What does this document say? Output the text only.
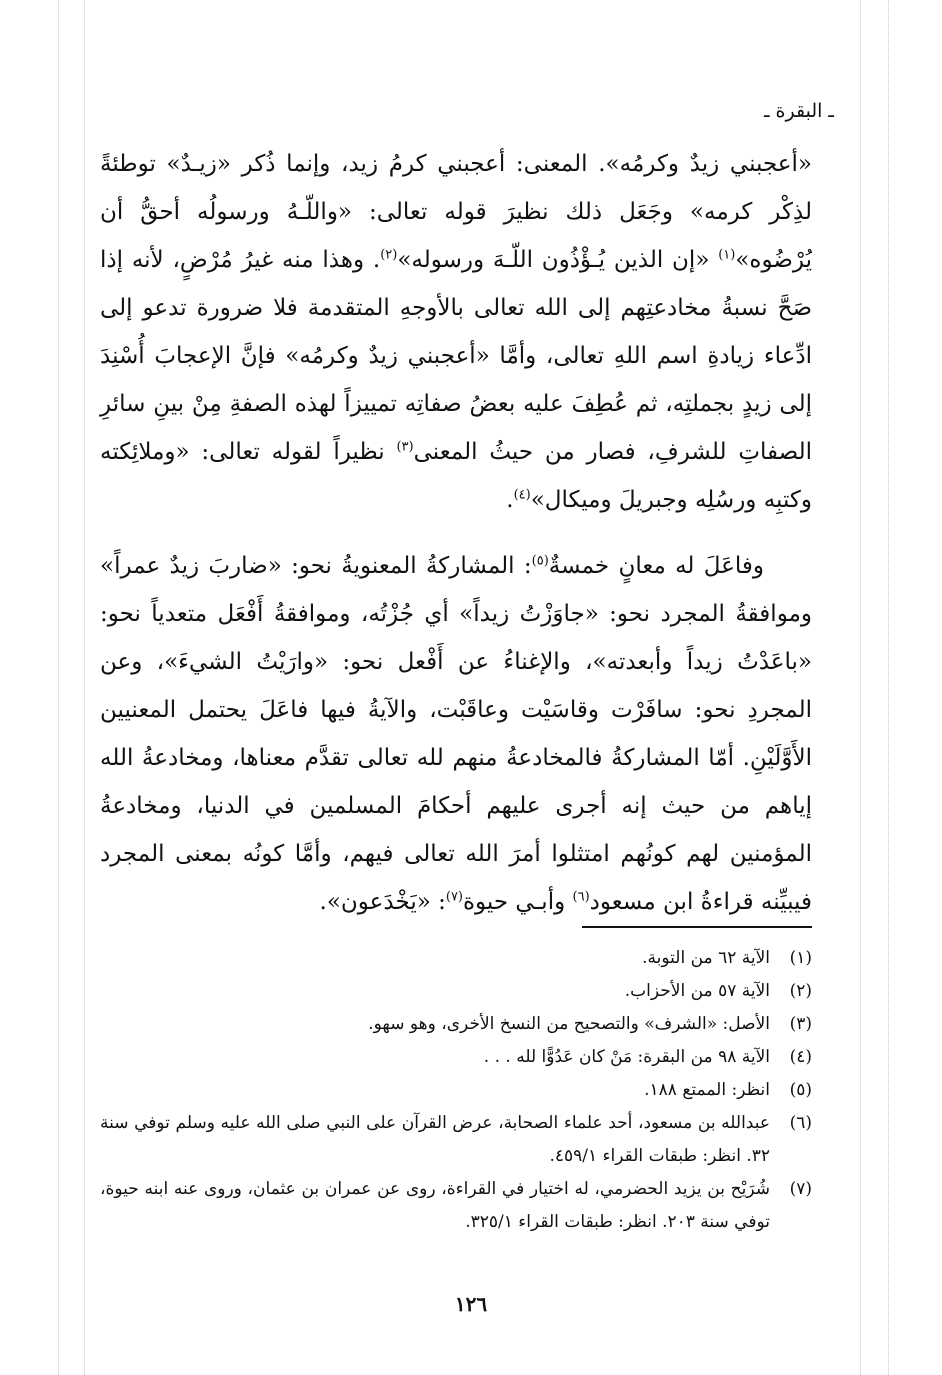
ـ البقرة ـ

«أعجبني زيدٌ وكرمُه». المعنى: أعجبني كرمُ زيد، وإنما ذُكر «زيـدٌ» توطئةً لذِكْر كرمه» وجَعَل ذلك نظيرَ قوله تعالى: «واللّـهُ ورسولُه أحقُّ أن يُرْضُوه»$^{(١)}$ «إن الذين يُـؤْذُون اللّـهَ ورسوله»$^{(٢)}$. وهذا منه غيرُ مُرْضٍ، لأنه إذا صَحَّ نسبةُ مخادعتِهم إلى الله تعالى بالأوجهِ المتقدمة فلا ضرورة تدعو إلى ادِّعاء زيادةِ اسم اللهِ تعالى، وأمَّا «أعجبني زيدٌ وكرمُه» فإنَّ الإعجابَ أُسْنِدَ إلى زيدٍ بجملتِه، ثم عُطِفَ عليه بعضُ صفاتِه تمييزاً لهذه الصفةِ مِنْ بينِ سائرِ الصفاتِ للشرفِ، فصار من حيثُ المعنى$^{(٣)}$ نظيراً لقوله تعالى: «وملائِكته وكتبِه ورسُلِه وجبريلَ وميكال»$^{(٤)}$.

وفاعَلَ له معانٍ خمسةٌ$^{(٥)}$: المشاركةُ المعنويةُ نحو: «ضاربَ زيدٌ عمراً» وموافقةُ المجرد نحو: «جاوَزْتُ زيداً» أي جُزْتُه، وموافقةُ أَفْعَل متعدياً نحو: «باعَدْتُ زيداً وأبعدته»، والإغناءُ عن أَفْعل نحو: «وارَيْتُ الشيءَ»، وعن المجردِ نحو: سافَرْت وقاسَيْت وعاقَبْت، والآيةُ فيها فاعَلَ يحتمل المعنيين الأَوَّلَيْنِ. أمّا المشاركةُ فالمخادعةُ منهم لله تعالى تقدَّم معناها، ومخادعةُ الله إياهم من حيث إنه أجرى عليهم أحكامَ المسلمين في الدنيا، ومخادعةُ المؤمنين لهم كونُهم امتثلوا أمرَ الله تعالى فيهم، وأمَّا كونُه بمعنى المجرد فيبيِّنه قراءةُ ابن مسعود$^{(٦)}$ وأبـي حيوة$^{(٧)}$: «يَخْدَعون».

(١)
الآية ٦٢ من التوبة.
(٢)
الآية ٥٧ من الأحزاب.
(٣)
الأصل: «الشرف» والتصحيح من النسخ الأخرى، وهو سهو.
(٤)
الآية ٩٨ من البقرة: مَنْ كان عَدُوًّا لله . . .
(٥)
انظر: الممتع ١٨٨.
(٦)
عبدالله بن مسعود، أحد علماء الصحابة، عرض القرآن على النبي صلى الله عليه وسلم توفي سنة ٣٢. انظر: طبقات القراء ٤٥٩/١.
(٧)
شُرَيْح بن يزيد الحضرمي، له اختيار في القراءة، روى عن عمران بن عثمان، وروى عنه ابنه حيوة، توفي سنة ٢٠٣. انظر: طبقات القراء ٣٢٥/١.
١٢٦
